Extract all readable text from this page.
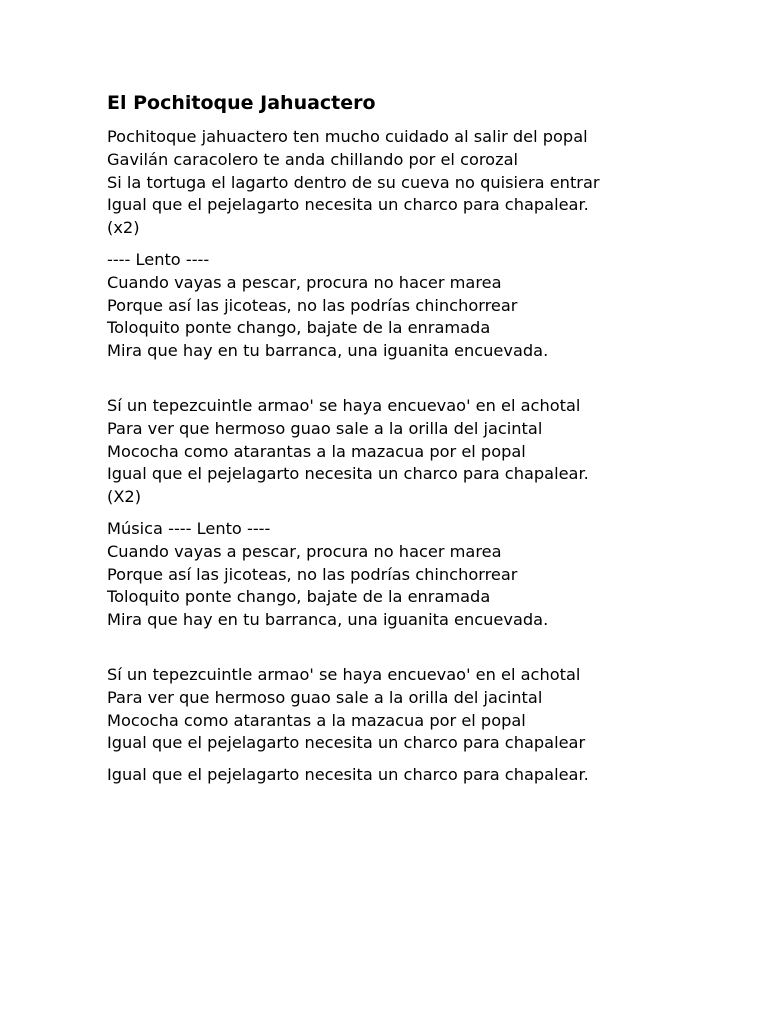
El Pochitoque Jahuactero
Pochitoque jahuactero ten mucho cuidado al salir del popal
Gavilán caracolero te anda chillando por el corozal
Si la tortuga el lagarto dentro de su cueva no quisiera entrar
Igual que el pejelagarto necesita un charco para chapalear.
(x2)
---- Lento ----
Cuando vayas a pescar, procura no hacer marea
Porque así las jicoteas, no las podrías chinchorrear
Toloquito ponte chango, bajate de la enramada
Mira que hay en tu barranca, una iguanita encuevada.
Sí un tepezcuintle armao' se haya encuevao' en el achotal
Para ver que hermoso guao sale a la orilla del jacintal
Mococha como atarantas a la mazacua por el popal
Igual que el pejelagarto necesita un charco para chapalear.
(X2)
Música ---- Lento ----
Cuando vayas a pescar, procura no hacer marea
Porque así las jicoteas, no las podrías chinchorrear
Toloquito ponte chango, bajate de la enramada
Mira que hay en tu barranca, una iguanita encuevada.
Sí un tepezcuintle armao' se haya encuevao' en el achotal
Para ver que hermoso guao sale a la orilla del jacintal
Mococha como atarantas a la mazacua por el popal
Igual que el pejelagarto necesita un charco para chapalear
Igual que el pejelagarto necesita un charco para chapalear.
